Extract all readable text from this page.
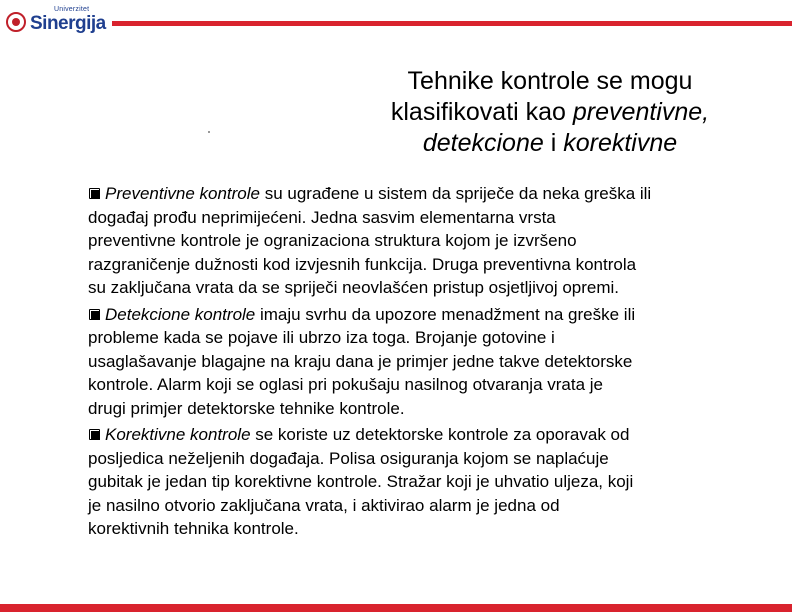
Univerzitet
Sinergija
Tehnike kontrole se mogu
klasifikovati kao preventivne,
detekcione i korektivne
Preventivne kontrole su ugrađene u sistem da spriječe da neka greška ili
događaj prođu neprimijećeni. Jedna sasvim elementarna vrsta
preventivne kontrole je ogranizaciona struktura kojom je izvršeno
razgraničenje dužnosti kod izvjesnih funkcija. Druga preventivna kontrola
su zaključana vrata da se spriječi neovlašćen pristup osjetljivoj opremi.
Detekcione kontrole imaju svrhu da upozore menadžment na greške ili
probleme kada se pojave ili ubrzo iza toga. Brojanje gotovine i
usaglašavanje blagajne na kraju dana je primjer jedne takve detektorske
kontrole. Alarm koji se oglasi pri pokušaju nasilnog otvaranja vrata je
drugi primjer detektorske tehnike kontrole.
Korektivne kontrole se koriste uz detektorske kontrole za oporavak od
posljedica neželjenih događaja. Polisa osiguranja kojom se naplaćuje
gubitak je jedan tip korektivne kontrole. Stražar koji je uhvatio uljeza, koji
je nasilno otvorio zaključana vrata, i aktivirao alarm je jedna od
korektivnih tehnika kontrole.
